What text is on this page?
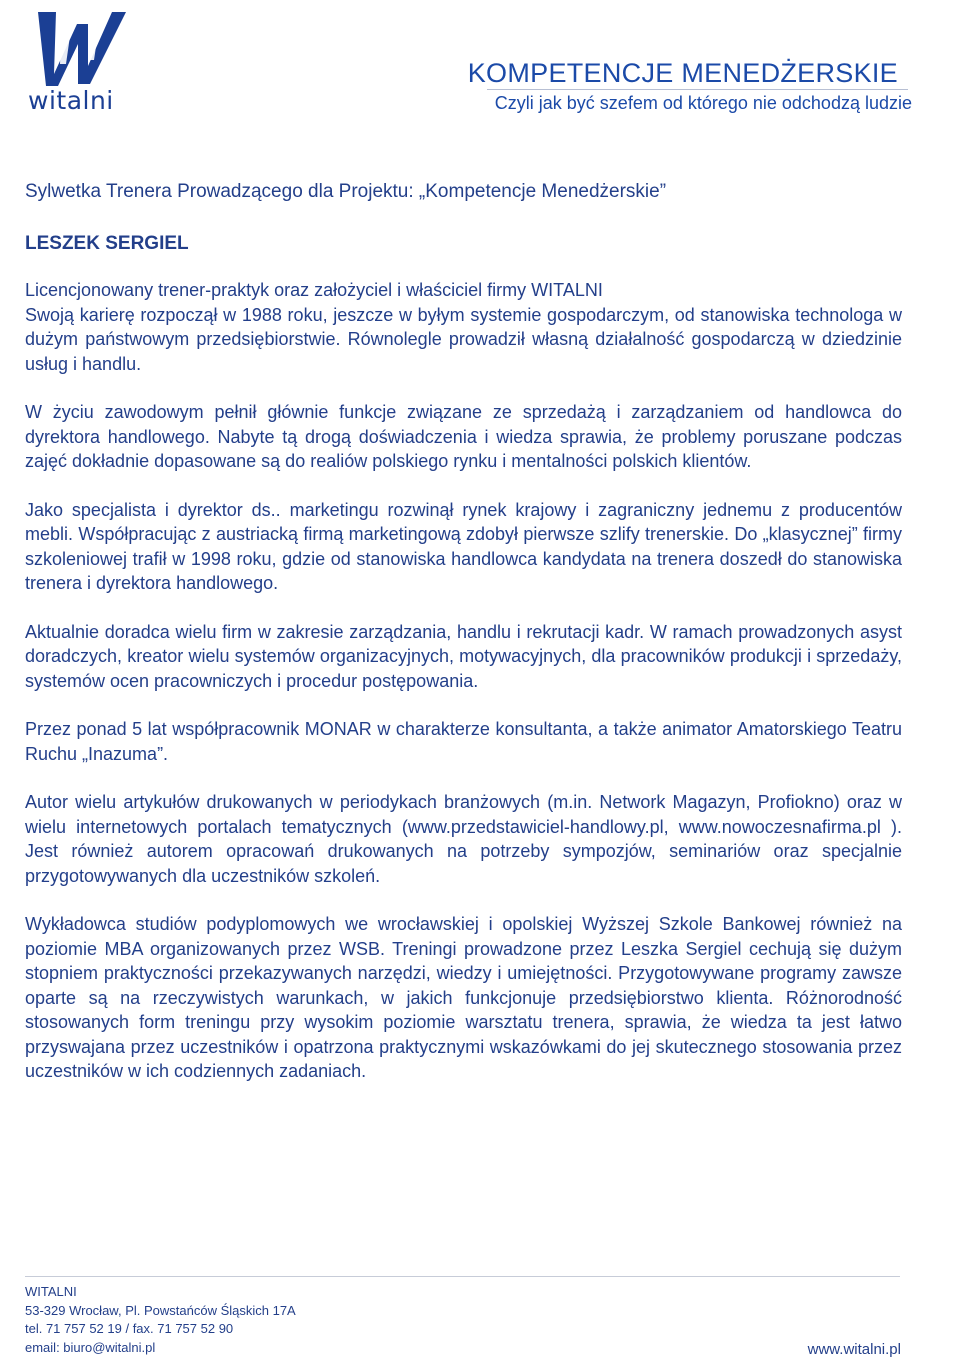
witalni
KOMPETENCJE MENEDŻERSKIE
Czyli jak być szefem od którego nie odchodzą ludzie

Sylwetka Trenera Prowadzącego dla Projektu: „Kompetencje Menedżerskie”

LESZEK SERGIEL

Licencjonowany trener-praktyk oraz założyciel i właściciel firmy WITALNI

Swoją karierę rozpoczął w 1988 roku, jeszcze w byłym systemie gospodarczym, od stanowiska technologa w dużym państwowym przedsiębiorstwie. Równolegle prowadził własną działalność gospodarczą w dziedzinie usług i handlu.

W życiu zawodowym pełnił głównie funkcje związane ze sprzedażą i zarządzaniem od handlowca do dyrektora handlowego. Nabyte tą drogą doświadczenia i wiedza sprawia, że problemy poruszane podczas zajęć dokładnie dopasowane są do realiów polskiego rynku i mentalności polskich klientów.

Jako specjalista i dyrektor ds.. marketingu rozwinął rynek krajowy i zagraniczny jednemu z producentów mebli. Współpracując z austriacką firmą marketingową zdobył pierwsze szlify trenerskie. Do „klasycznej” firmy szkoleniowej trafił w 1998 roku, gdzie od stanowiska handlowca kandydata na trenera doszedł do stanowiska trenera i dyrektora handlowego.

Aktualnie doradca wielu firm w zakresie zarządzania, handlu i rekrutacji kadr. W ramach prowadzonych asyst doradczych, kreator wielu systemów organizacyjnych, motywacyjnych, dla pracowników produkcji i sprzedaży, systemów ocen pracowniczych i procedur postępowania.

Przez ponad 5 lat współpracownik MONAR w charakterze konsultanta, a także animator Amatorskiego Teatru Ruchu „Inazuma”.

Autor wielu artykułów drukowanych w periodykach branżowych (m.in. Network Magazyn, Profiokno) oraz w wielu internetowych portalach tematycznych (www.przedstawiciel-handlowy.pl, www.nowoczesnafirma.pl ). Jest również autorem opracowań drukowanych na potrzeby sympozjów, seminariów oraz specjalnie przygotowywanych dla uczestników szkoleń.

Wykładowca studiów podyplomowych we wrocławskiej i opolskiej Wyższej Szkole Bankowej również na poziomie MBA organizowanych przez WSB. Treningi prowadzone przez Leszka Sergiel cechują się dużym stopniem praktyczności przekazywanych narzędzi, wiedzy i umiejętności. Przygotowywane programy zawsze oparte są na rzeczywistych warunkach, w jakich funkcjonuje przedsiębiorstwo klienta. Różnorodność stosowanych form treningu przy wysokim poziomie warsztatu trenera, sprawia, że wiedza ta jest łatwo przyswajana przez uczestników i opatrzona praktycznymi wskazówkami do jej skutecznego stosowania przez uczestników w ich codziennych zadaniach.

WITALNI
53-329 Wrocław, Pl. Powstańców Śląskich 17A
tel. 71 757 52 19 / fax. 71 757 52 90
email: biuro@witalni.pl	www.witalni.pl
